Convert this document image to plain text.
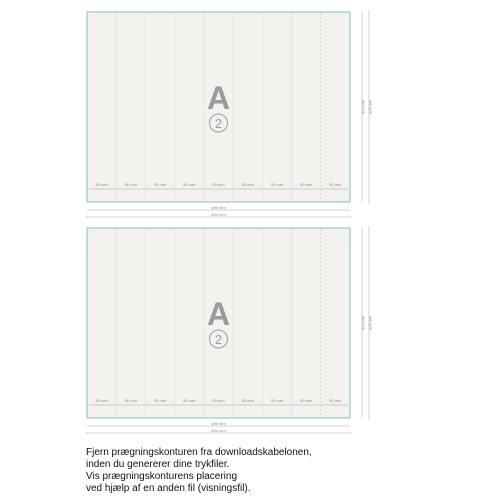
50 mm	50 mm	50 mm	50 mm	50 mm	50 mm	50 mm	50 mm	50 mm
A
2
320 mm 324 mm
450 mm
454 mm
50 mm	50 mm	50 mm	50 mm	50 mm	50 mm	50 mm	50 mm	50 mm
A
2
320 mm 324 mm
450 mm
454 mm
Fjern prægningskonturen fra downloadskabelonen,
inden du genererer dine trykfiler.
Vis prægningskonturens placering
ved hjælp af en anden fil (visningsfil).
